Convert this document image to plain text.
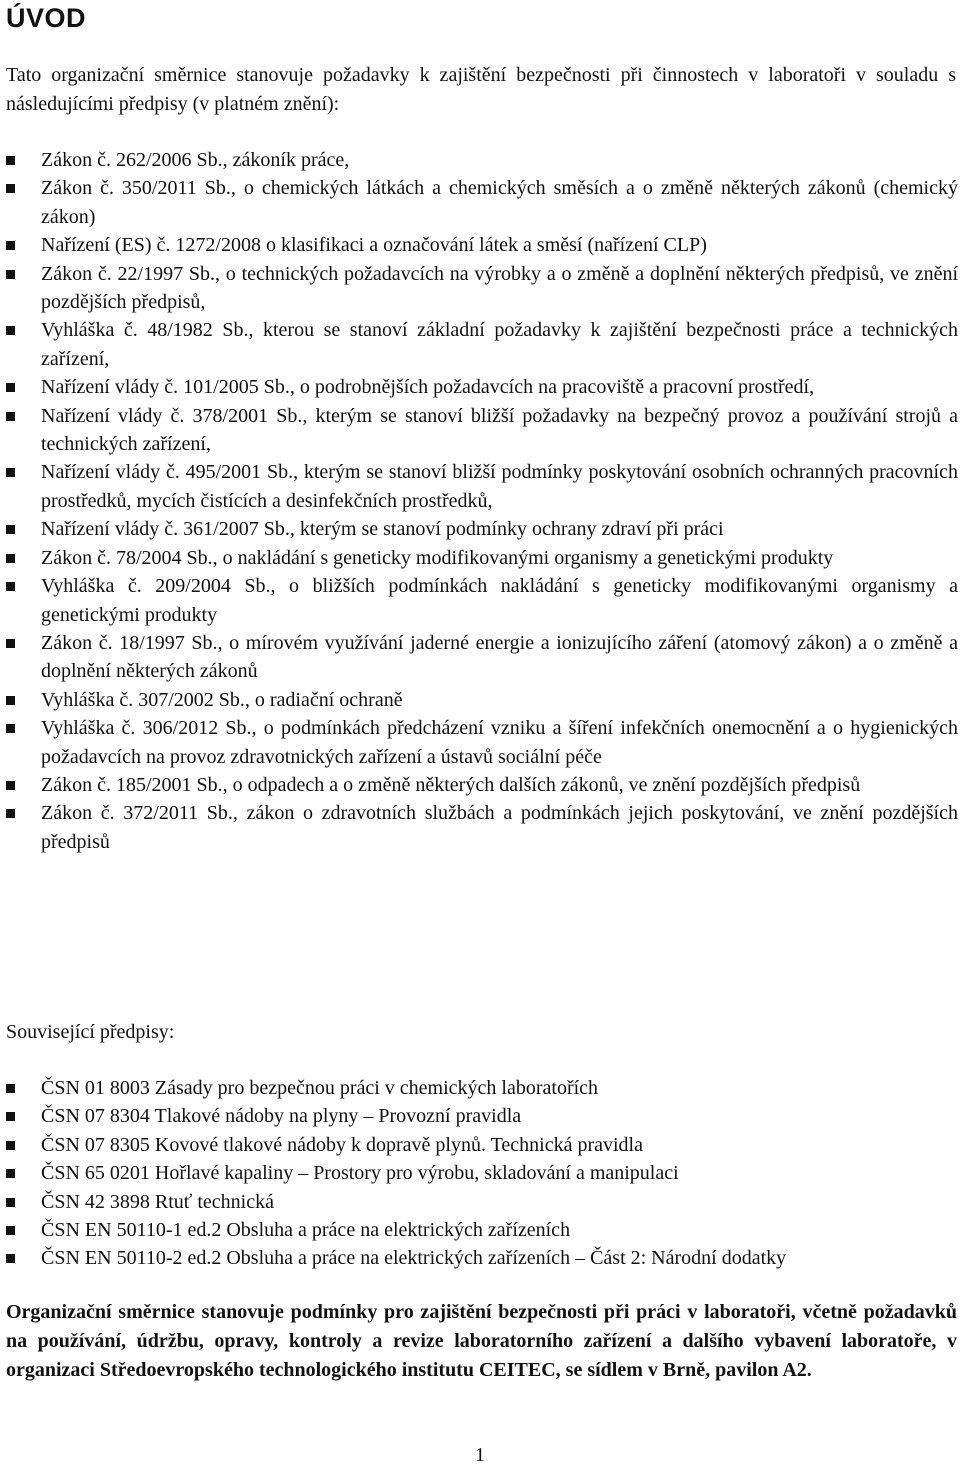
ÚVOD

Tato organizační směrnice stanovuje požadavky k zajištění bezpečnosti při činnostech v laboratoři v souladu s následujícími předpisy (v platném znění):

Zákon č. 262/2006 Sb., zákoník práce,
Zákon č. 350/2011 Sb., o chemických látkách a chemických směsích a o změně některých zákonů (chemický zákon)
Nařízení (ES) č. 1272/2008 o klasifikaci a označování látek a směsí (nařízení CLP)
Zákon č. 22/1997 Sb., o technických požadavcích na výrobky a o změně a doplnění některých předpisů, ve znění pozdějších předpisů,
Vyhláška č. 48/1982 Sb., kterou se stanoví základní požadavky k zajištění bezpečnosti práce a technických zařízení,
Nařízení vlády č. 101/2005 Sb., o podrobnějších požadavcích na pracoviště a pracovní prostředí,
Nařízení vlády č. 378/2001 Sb., kterým se stanoví bližší požadavky na bezpečný provoz a používání strojů a technických zařízení,
Nařízení vlády č. 495/2001 Sb., kterým se stanoví bližší podmínky poskytování osobních ochranných pracovních prostředků, mycích čistících a desinfekčních prostředků,
Nařízení vlády č. 361/2007 Sb., kterým se stanoví podmínky ochrany zdraví při práci
Zákon č. 78/2004 Sb., o nakládání s geneticky modifikovanými organismy a genetickými produkty
Vyhláška č. 209/2004 Sb., o bližších podmínkách nakládání s geneticky modifikovanými organismy a genetickými produkty
Zákon č. 18/1997 Sb., o mírovém využívání jaderné energie a ionizujícího záření (atomový zákon) a o změně a doplnění některých zákonů
Vyhláška č. 307/2002 Sb., o radiační ochraně
Vyhláška č. 306/2012 Sb., o podmínkách předcházení vzniku a šíření infekčních onemocnění a o hygienických požadavcích na provoz zdravotnických zařízení a ústavů sociální péče
Zákon č. 185/2001 Sb., o odpadech a o změně některých dalších zákonů, ve znění pozdějších předpisů
Zákon č. 372/2011 Sb., zákon o zdravotních službách a podmínkách jejich poskytování, ve znění pozdějších předpisů

Související předpisy:

ČSN 01 8003 Zásady pro bezpečnou práci v chemických laboratořích
ČSN 07 8304 Tlakové nádoby na plyny – Provozní pravidla
ČSN 07 8305 Kovové tlakové nádoby k dopravě plynů. Technická pravidla
ČSN 65 0201 Hořlavé kapaliny – Prostory pro výrobu, skladování a manipulaci
ČSN 42 3898 Rtuť technická
ČSN EN 50110-1 ed.2 Obsluha a práce na elektrických zařízeních
ČSN EN 50110-2 ed.2 Obsluha a práce na elektrických zařízeních – Část 2: Národní dodatky

Organizační směrnice stanovuje podmínky pro zajištění bezpečnosti při práci v laboratoři, včetně požadavků na používání, údržbu, opravy, kontroly a revize laboratorního zařízení a dalšího vybavení laboratoře, v organizaci Středoevropského technologického institutu CEITEC, se sídlem v Brně, pavilon A2.

1
